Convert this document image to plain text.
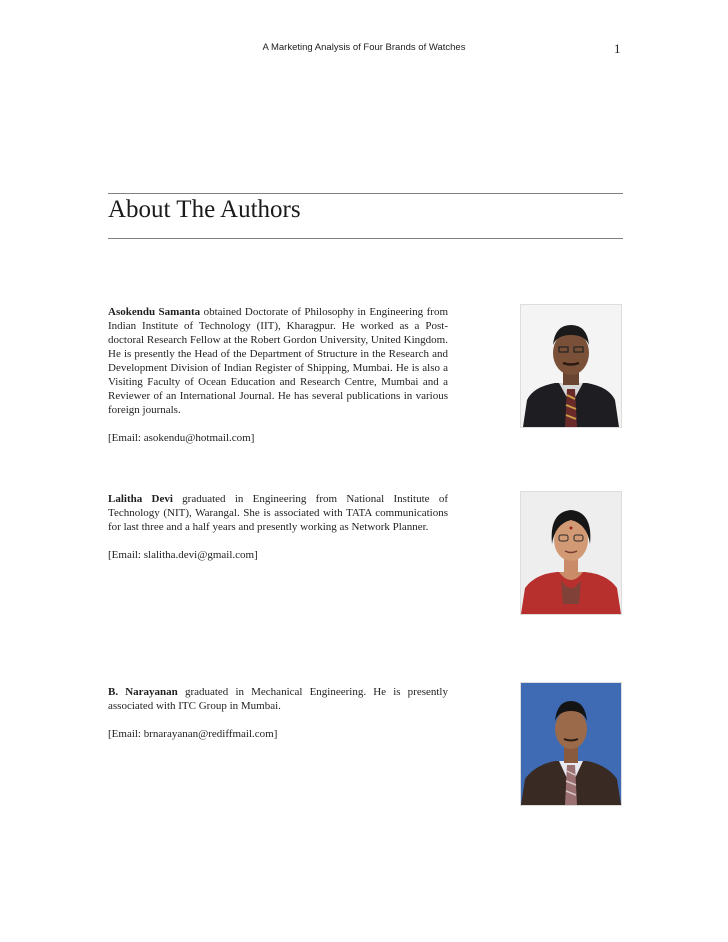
A Marketing Analysis of Four Brands of Watches	1
About The Authors

Asokendu Samanta obtained Doctorate of Philosophy in Engineering from Indian Institute of Technology (IIT), Kharagpur. He worked as a Post-doctoral Research Fellow at the Robert Gordon University, United Kingdom. He is presently the Head of the Department of Structure in the Research and Development Division of Indian Register of Shipping, Mumbai. He is also a Visiting Faculty of Ocean Education and Research Centre, Mumbai and a Reviewer of an International Journal. He has several publications in various foreign journals.

[Email: asokendu@hotmail.com]

Lalitha Devi graduated in Engineering from National Institute of Technology (NIT), Warangal. She is associated with TATA communications for last three and a half years and presently working as Network Planner.

[Email: slalitha.devi@gmail.com]

B. Narayanan graduated in Mechanical Engineering. He is presently associated with ITC Group in Mumbai.

[Email: brnarayanan@rediffmail.com]
